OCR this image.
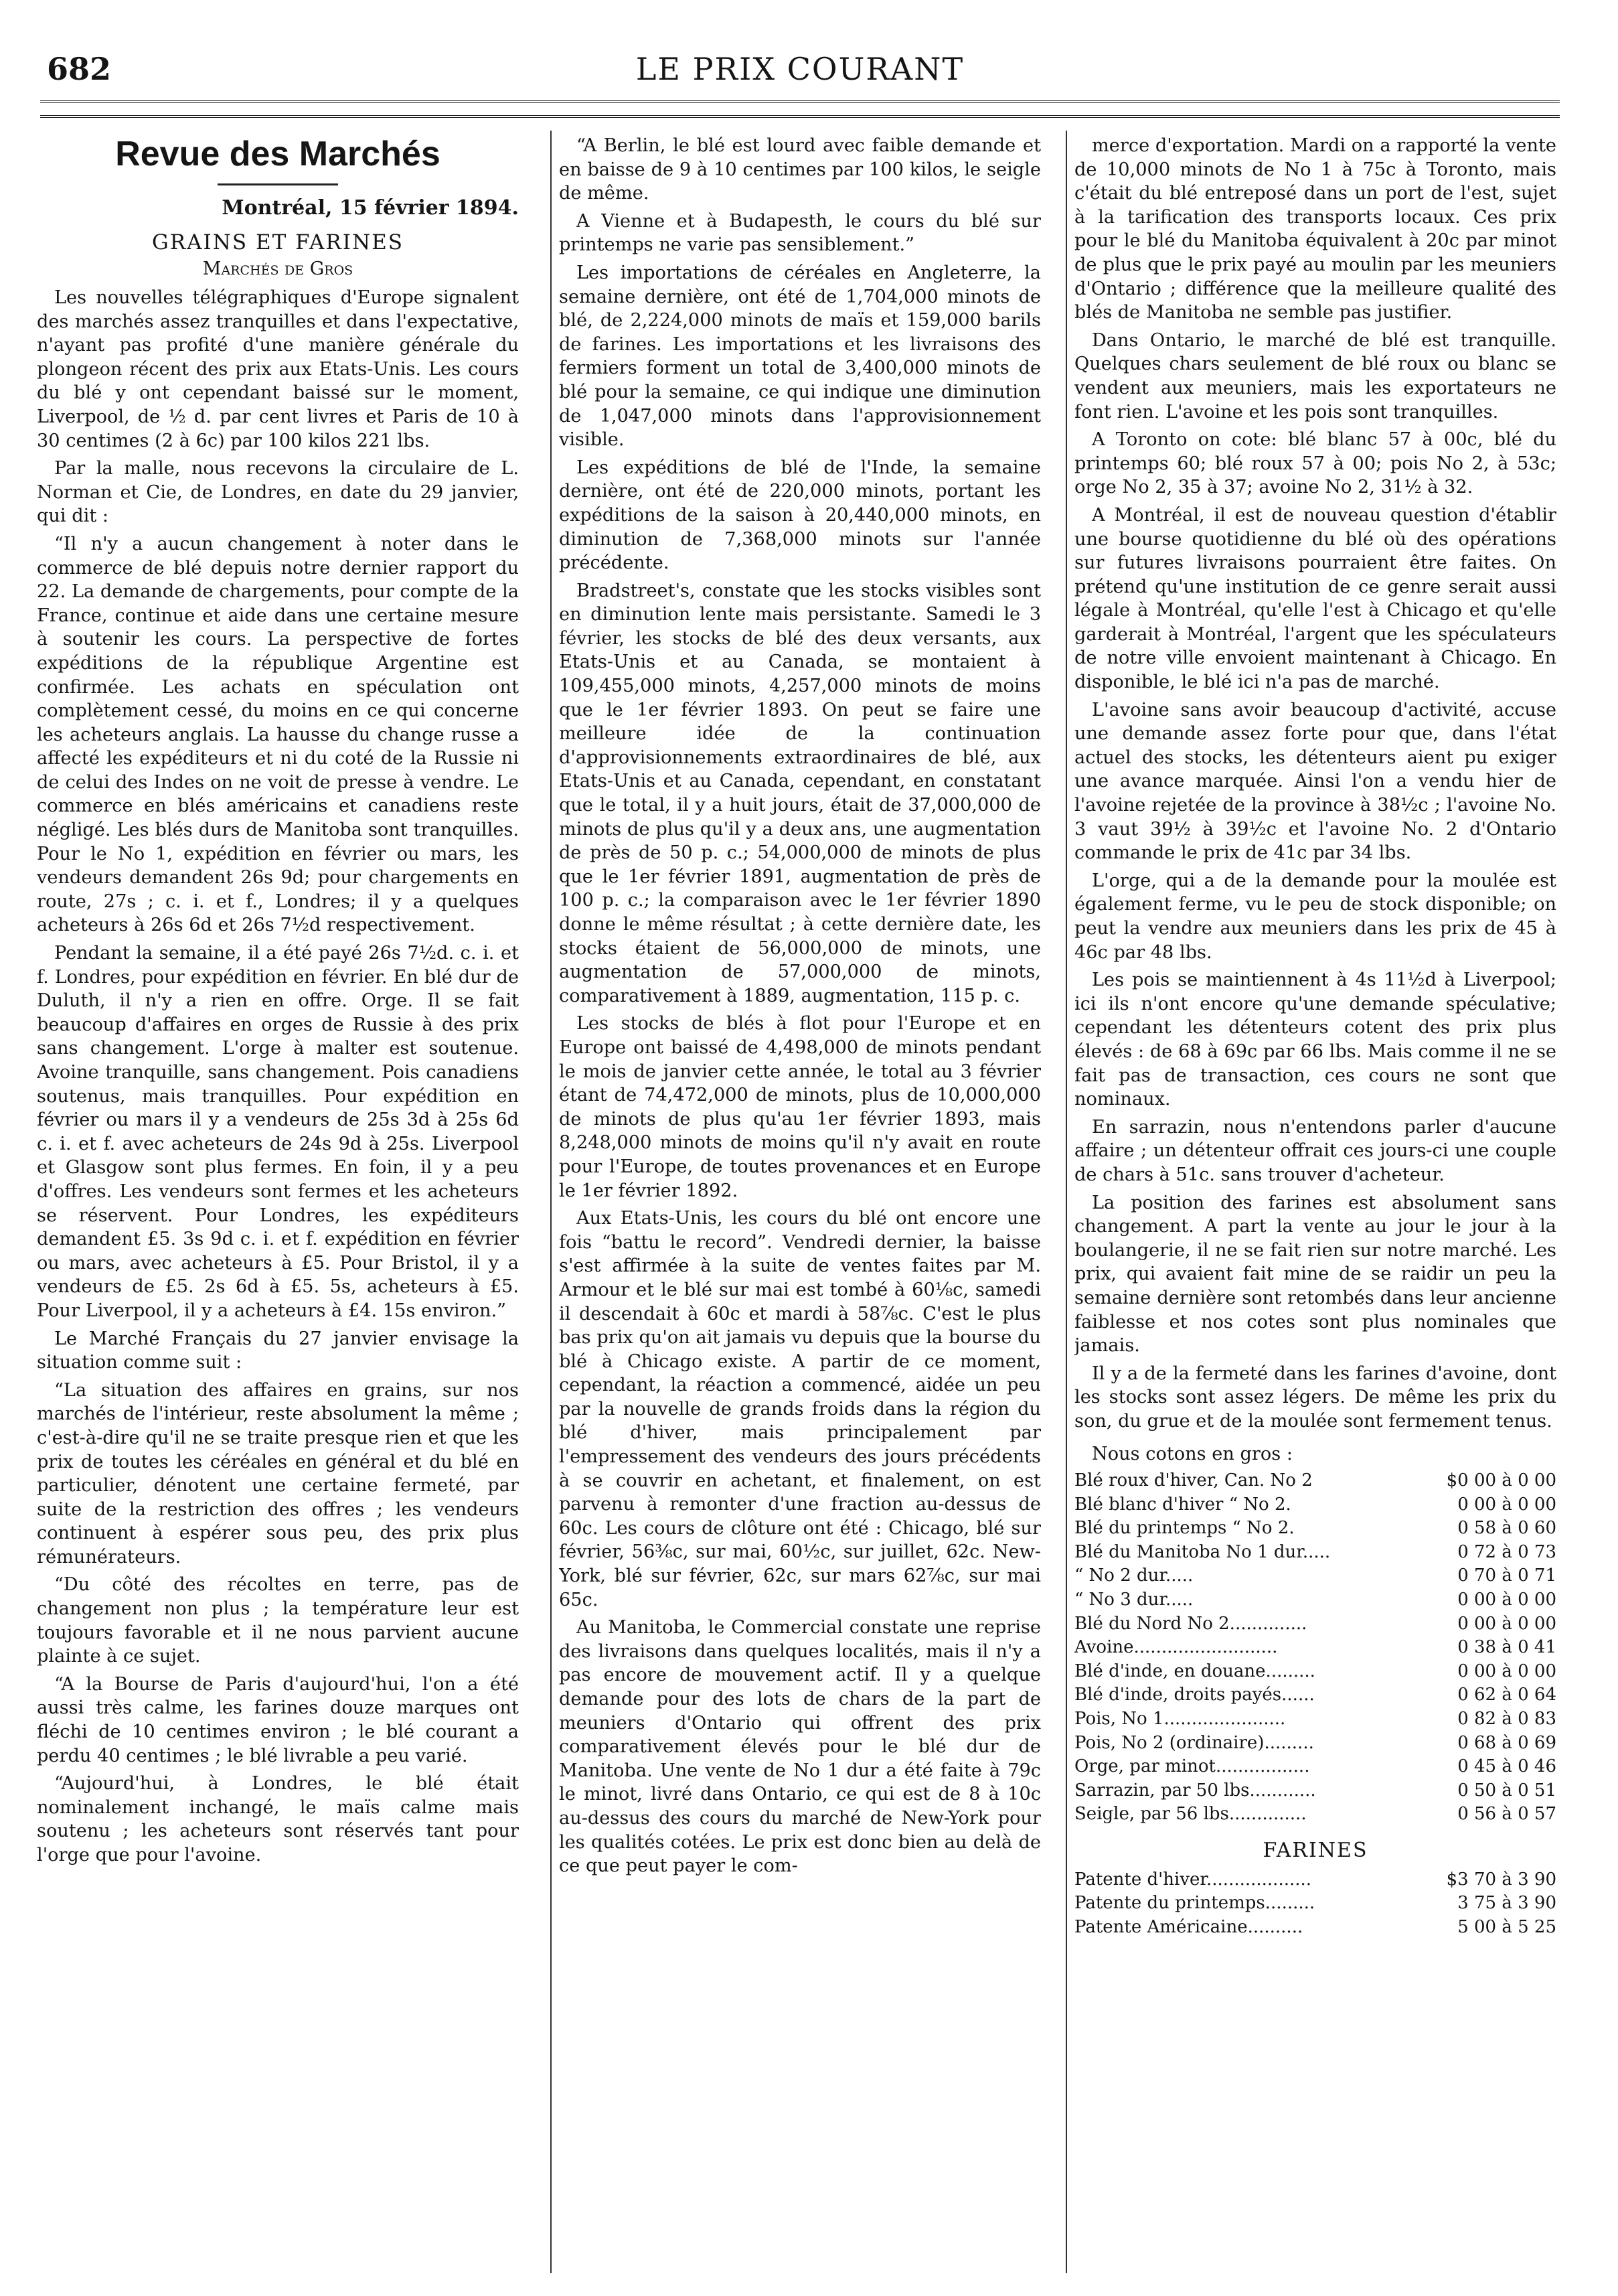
682	LE PRIX COURANT
Revue des Marchés
Montréal, 15 février 1894.
GRAINS ET FARINES
Marchés de Gros

Les nouvelles télégraphiques d'Europe signalent des marchés assez tranquilles et dans l'expectative, n'ayant pas profité d'une manière générale du plongeon récent des prix aux Etats-Unis. Les cours du blé y ont cependant baissé sur le moment, Liverpool, de ½ d. par cent livres et Paris de 10 à 30 centimes (2 à 6c) par 100 kilos 221 lbs.

Par la malle, nous recevons la circulaire de L. Norman et Cie, de Londres, en date du 29 janvier, qui dit :

“Il n'y a aucun changement à noter dans le commerce de blé depuis notre dernier rapport du 22. La demande de chargements, pour compte de la France, continue et aide dans une certaine mesure à soutenir les cours. La perspective de fortes expéditions de la république Argentine est confirmée. Les achats en spéculation ont complètement cessé, du moins en ce qui concerne les acheteurs anglais. La hausse du change russe a affecté les expéditeurs et ni du coté de la Russie ni de celui des Indes on ne voit de presse à vendre. Le commerce en blés américains et canadiens reste négligé. Les blés durs de Manitoba sont tranquilles. Pour le No 1, expédition en février ou mars, les vendeurs demandent 26s 9d; pour chargements en route, 27s ; c. i. et f., Londres; il y a quelques acheteurs à 26s 6d et 26s 7½d respectivement.

Pendant la semaine, il a été payé 26s 7½d. c. i. et f. Londres, pour expédition en février. En blé dur de Duluth, il n'y a rien en offre. Orge. Il se fait beaucoup d'affaires en orges de Russie à des prix sans changement. L'orge à malter est soutenue. Avoine tranquille, sans changement. Pois canadiens soutenus, mais tranquilles. Pour expédition en février ou mars il y a vendeurs de 25s 3d à 25s 6d c. i. et f. avec acheteurs de 24s 9d à 25s. Liverpool et Glasgow sont plus fermes. En foin, il y a peu d'offres. Les vendeurs sont fermes et les acheteurs se réservent. Pour Londres, les expéditeurs demandent £5. 3s 9d c. i. et f. expédition en février ou mars, avec acheteurs à £5. Pour Bristol, il y a vendeurs de £5. 2s 6d à £5. 5s, acheteurs à £5. Pour Liverpool, il y a acheteurs à £4. 15s environ.”

Le Marché Français du 27 janvier envisage la situation comme suit :

“La situation des affaires en grains, sur nos marchés de l'intérieur, reste absolument la même ; c'est-à-dire qu'il ne se traite presque rien et que les prix de toutes les céréales en général et du blé en particulier, dénotent une certaine fermeté, par suite de la restriction des offres ; les vendeurs continuent à espérer sous peu, des prix plus rémunérateurs.

“Du côté des récoltes en terre, pas de changement non plus ; la température leur est toujours favorable et il ne nous parvient aucune plainte à ce sujet.

“A la Bourse de Paris d'aujourd'hui, l'on a été aussi très calme, les farines douze marques ont fléchi de 10 centimes environ ; le blé courant a perdu 40 centimes ; le blé livrable a peu varié.

“Aujourd'hui, à Londres, le blé était nominalement inchangé, le maïs calme mais soutenu ; les acheteurs sont réservés tant pour l'orge que pour l'avoine.

“A Berlin, le blé est lourd avec faible demande et en baisse de 9 à 10 centimes par 100 kilos, le seigle de même.

A Vienne et à Budapesth, le cours du blé sur printemps ne varie pas sensiblement.”

Les importations de céréales en Angleterre, la semaine dernière, ont été de 1,704,000 minots de blé, de 2,224,000 minots de maïs et 159,000 barils de farines. Les importations et les livraisons des fermiers forment un total de 3,400,000 minots de blé pour la semaine, ce qui indique une diminution de 1,047,000 minots dans l'approvisionnement visible.

Les expéditions de blé de l'Inde, la semaine dernière, ont été de 220,000 minots, portant les expéditions de la saison à 20,440,000 minots, en diminution de 7,368,000 minots sur l'année précédente.

Bradstreet's, constate que les stocks visibles sont en diminution lente mais persistante. Samedi le 3 février, les stocks de blé des deux versants, aux Etats-Unis et au Canada, se montaient à 109,455,000 minots, 4,257,000 minots de moins que le 1er février 1893. On peut se faire une meilleure idée de la continuation d'approvisionnements extraordinaires de blé, aux Etats-Unis et au Canada, cependant, en constatant que le total, il y a huit jours, était de 37,000,000 de minots de plus qu'il y a deux ans, une augmentation de près de 50 p. c.; 54,000,000 de minots de plus que le 1er février 1891, augmentation de près de 100 p. c.; la comparaison avec le 1er février 1890 donne le même résultat ; à cette dernière date, les stocks étaient de 56,000,000 de minots, une augmentation de 57,000,000 de minots, comparativement à 1889, augmentation, 115 p. c.

Les stocks de blés à flot pour l'Europe et en Europe ont baissé de 4,498,000 de minots pendant le mois de janvier cette année, le total au 3 février étant de 74,472,000 de minots, plus de 10,000,000 de minots de plus qu'au 1er février 1893, mais 8,248,000 minots de moins qu'il n'y avait en route pour l'Europe, de toutes provenances et en Europe le 1er février 1892.

Aux Etats-Unis, les cours du blé ont encore une fois “battu le record”. Vendredi dernier, la baisse s'est affirmée à la suite de ventes faites par M. Armour et le blé sur mai est tombé à 60⅛c, samedi il descendait à 60c et mardi à 58⅞c. C'est le plus bas prix qu'on ait jamais vu depuis que la bourse du blé à Chicago existe. A partir de ce moment, cependant, la réaction a commencé, aidée un peu par la nouvelle de grands froids dans la région du blé d'hiver, mais principalement par l'empressement des vendeurs des jours précédents à se couvrir en achetant, et finalement, on est parvenu à remonter d'une fraction au-dessus de 60c. Les cours de clôture ont été : Chicago, blé sur février, 56⅜c, sur mai, 60½c, sur juillet, 62c. New-York, blé sur février, 62c, sur mars 62⅞c, sur mai 65c.

Au Manitoba, le Commercial constate une reprise des livraisons dans quelques localités, mais il n'y a pas encore de mouvement actif. Il y a quelque demande pour des lots de chars de la part de meuniers d'Ontario qui offrent des prix comparativement élevés pour le blé dur de Manitoba. Une vente de No 1 dur a été faite à 79c le minot, livré dans Ontario, ce qui est de 8 à 10c au-dessus des cours du marché de New-York pour les qualités cotées. Le prix est donc bien au delà de ce que peut payer le com-

merce d'exportation. Mardi on a rapporté la vente de 10,000 minots de No 1 à 75c à Toronto, mais c'était du blé entreposé dans un port de l'est, sujet à la tarification des transports locaux. Ces prix pour le blé du Manitoba équivalent à 20c par minot de plus que le prix payé au moulin par les meuniers d'Ontario ; différence que la meilleure qualité des blés de Manitoba ne semble pas justifier.

Dans Ontario, le marché de blé est tranquille. Quelques chars seulement de blé roux ou blanc se vendent aux meuniers, mais les exportateurs ne font rien. L'avoine et les pois sont tranquilles.

A Toronto on cote: blé blanc 57 à 00c, blé du printemps 60; blé roux 57 à 00; pois No 2, à 53c; orge No 2, 35 à 37; avoine No 2, 31½ à 32.

A Montréal, il est de nouveau question d'établir une bourse quotidienne du blé où des opérations sur futures livraisons pourraient être faites. On prétend qu'une institution de ce genre serait aussi légale à Montréal, qu'elle l'est à Chicago et qu'elle garderait à Montréal, l'argent que les spéculateurs de notre ville envoient maintenant à Chicago. En disponible, le blé ici n'a pas de marché.

L'avoine sans avoir beaucoup d'activité, accuse une demande assez forte pour que, dans l'état actuel des stocks, les détenteurs aient pu exiger une avance marquée. Ainsi l'on a vendu hier de l'avoine rejetée de la province à 38½c ; l'avoine No. 3 vaut 39½ à 39½c et l'avoine No. 2 d'Ontario commande le prix de 41c par 34 lbs.

L'orge, qui a de la demande pour la moulée est également ferme, vu le peu de stock disponible; on peut la vendre aux meuniers dans les prix de 45 à 46c par 48 lbs.

Les pois se maintiennent à 4s 11½d à Liverpool; ici ils n'ont encore qu'une demande spéculative; cependant les détenteurs cotent des prix plus élevés : de 68 à 69c par 66 lbs. Mais comme il ne se fait pas de transaction, ces cours ne sont que nominaux.

En sarrazin, nous n'entendons parler d'aucune affaire ; un détenteur offrait ces jours-ci une couple de chars à 51c. sans trouver d'acheteur.

La position des farines est absolument sans changement. A part la vente au jour le jour à la boulangerie, il ne se fait rien sur notre marché. Les prix, qui avaient fait mine de se raidir un peu la semaine dernière sont retombés dans leur ancienne faiblesse et nos cotes sont plus nominales que jamais.

Il y a de la fermeté dans les farines d'avoine, dont les stocks sont assez légers. De même les prix du son, du grue et de la moulée sont fermement tenus.

Nous cotons en gros :
Blé roux d'hiver, Can. No 2	$0 00 à 0 00
Blé blanc d'hiver “ No 2.	0 00 à 0 00
Blé du printemps “ No 2.	0 58 à 0 60
Blé du Manitoba No 1 dur.....	0 72 à 0 73
“ No 2 dur.....	0 70 à 0 71
“ No 3 dur.....	0 00 à 0 00
Blé du Nord No 2..............	0 00 à 0 00
Avoine..........................	0 38 à 0 41
Blé d'inde, en douane.........	0 00 à 0 00
Blé d'inde, droits payés......	0 62 à 0 64
Pois, No 1......................	0 82 à 0 83
Pois, No 2 (ordinaire).........	0 68 à 0 69
Orge, par minot.................	0 45 à 0 46
Sarrazin, par 50 lbs............	0 50 à 0 51
Seigle, par 56 lbs..............	0 56 à 0 57
FARINES
Patente d'hiver...................	$3 70 à 3 90
Patente du printemps.........	3 75 à 3 90
Patente Américaine..........	5 00 à 5 25
